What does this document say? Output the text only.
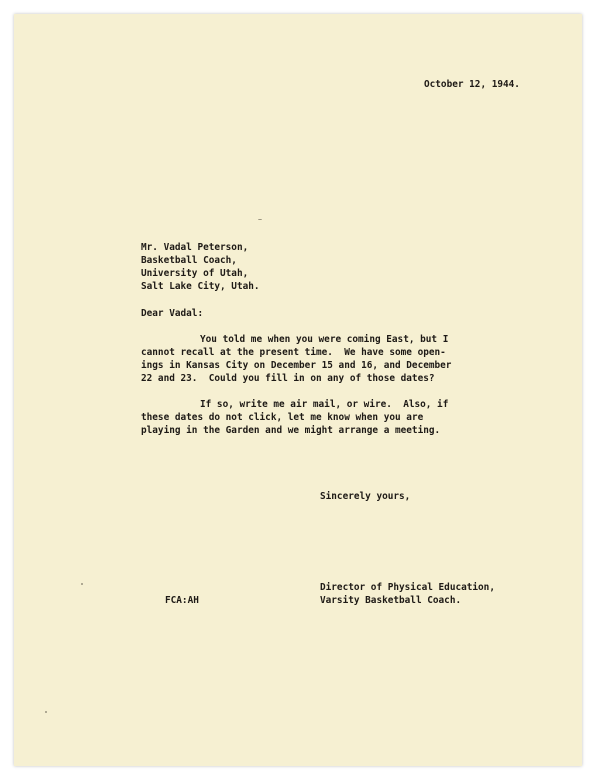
October 12, 1944.
Mr. Vadal Peterson,
Basketball Coach,
University of Utah,
Salt Lake City, Utah.
Dear Vadal:
You told me when you were coming East, but I
cannot recall at the present time.  We have some open-
ings in Kansas City on December 15 and 16, and December
22 and 23.  Could you fill in on any of those dates?
If so, write me air mail, or wire.  Also, if
these dates do not click, let me know when you are
playing in the Garden and we might arrange a meeting.
Sincerely yours,
Director of Physical Education,
Varsity Basketball Coach.
FCA:AH
